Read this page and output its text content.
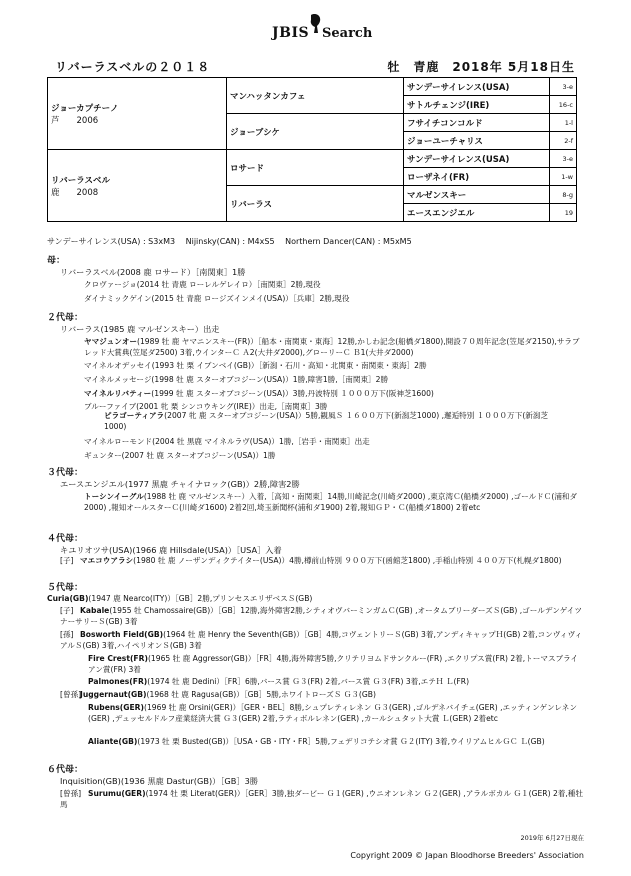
JBIS Search
リバーラスベルの２０１８	牡　青鹿　2018年 5月18日生
ジョーカプチーノ
芦　　2006	マンハッタンカフェ	サンデーサイレンス(USA)	3-e
		サトルチェンジ(IRE)	16-c
	ジョーブシケ	フサイチコンコルド	1-l
		ジョーユーチャリス	2-f
リバーラスベル
鹿　　2008	ロサード	サンデーサイレンス(USA)	3-e
		ローザネイ(FR)	1-w
	リバーラス	マルゼンスキー	8-g
		エースエンジエル	19
サンデーサイレンス(USA) : S3xM3　 Nijinsky(CAN) : M4xS5　 Northern Dancer(CAN) : M5xM5
母：
リバーラスベル(2008 鹿 ロサード）［南関東］1勝
クロヴァージョ(2014 牡 青鹿 ローレルゲレイロ）［南関東］2勝,現役
ダイナミックゲイン(2015 牡 青鹿 ロージズインメイ(USA)）［兵庫］2勝,現役
２代母：
リバーラス(1985 鹿 マルゼンスキー）出走
ヤマジュンオー(1989 牡 鹿 ヤマニンスキー(FR)）［船本・南関東・東海］12勝,かしわ記念(船橋ダ1800),開設７０周年記念(笠尾ダ2150),サラブレッド大賞典(笠尾ダ2500) 3着,ウインターＣ Ａ2(大井ダ2000),グローリーＣ Ｂ1(大井ダ2000)
マイネルオデッセイ(1993 牡 栗 イブンベイ(GB)）［新潟・石川・高知・北関東・南関東・東海］2勝
マイネルメッセージ(1998 牡 鹿 スターオブコジーン(USA)）1勝,障害1勝,［南関東］2勝
マイネルリバティー(1999 牡 鹿 スターオブコジーン(USA)）3勝,丹波特別 １０００万下(阪神芝1600)
ブルーファイブ(2001 牝 栗 シンコウキング(IRE)）出走,［南関東］3勝
ピラゴーティアラ(2007 牝 鹿 スターオブコジーン(USA)）5勝,観風Ｓ １６００万下(新潟芝1000) ,邂逅特別 １０００万下(新潟芝1000)
マイネルローモンド(2004 牡 黒鹿 マイネルラヴ(USA)）1勝,［岩手・南関東］出走
ギュンター(2007 牡 鹿 スターオブコジーン(USA)）1勝
３代母：
エースエンジエル(1977 黒鹿 チャイナロック(GB)）2勝,障害2勝
トーシンイーグル(1988 牡 鹿 マルゼンスキー）入着,［高知・南関東］14勝,川崎記念(川崎ダ2000) ,東京湾Ｃ(船橋ダ2000) ,ゴールドＣ(浦和ダ2000) ,報知オールスターＣ(川崎ダ1600) 2着2回,埼玉新聞杯(浦和ダ1900) 2着,報知ＧＰ・Ｃ(船橋ダ1800) 2着etc
４代母：
キユリオツサ(USA)(1966 鹿 Hillsdale(USA)）［USA］入着
[子] マエコウアラシ(1980 牡 鹿 ノーザンディクテイター(USA)）4勝,樽前山特別 ９００万下(函館芝1800) ,手稲山特別 ４００万下(札幌ダ1800)
５代母：
Curia(GB)(1947 鹿 Nearco(ITY)）［GB］2勝,プリンセスエリザベスＳ(GB)
[子] Kabale(1955 牡 Chamossaire(GB)）［GB］12勝,海外障害2勝,シティオヴバーミンガムＣ(GB) ,オータムブリーダーズＳ(GB) ,ゴールデンゲイツナーサリーＳ(GB) 3着
[孫] Bosworth Field(GB)(1964 牡 鹿 Henry the Seventh(GB)）［GB］4勝,コヴェントリーＳ(GB) 3着,アンディキャップＨ(GB) 2着,コンヴィヴィアルＳ(GB) 3着,ハイペリオンＳ(GB) 3着
Fire Crest(FR)(1965 牡 鹿 Aggressor(GB)）［FR］4勝,海外障害5勝,クリテリヨムドサンクルー(FR) ,エクリプス賞(FR) 2着,トーマスブライアン賞(FR) 3着
Palmones(FR)(1974 牡 鹿 Dedini）［FR］6勝,バース賞 Ｇ３(FR) 2着,バース賞 Ｇ３(FR) 3着,エテＨ Ｌ(FR)
[曾孫]Juggernaut(GB)(1968 牡 鹿 Ragusa(GB)）［GB］5勝,ホワイトローズＳ Ｇ３(GB)
Rubens(GER)(1969 牡 鹿 Orsini(GER)）［GER・BEL］8勝,シュプレティレネン Ｇ３(GER) ,ゴルデネバイチェ(GER) ,エッティンゲンレネン(GER) ,デュッセルドルフ産業経済大賞 Ｇ３(GER) 2着,ラティボルレネン(GER) ,カールシュタット大賞 Ｌ(GER) 2着etc
Aliante(GB)(1973 牡 栗 Busted(GB)）［USA・GB・ITY・FR］5勝,フェデリコテシオ賞 Ｇ２(ITY) 3着,ウイリアムヒルＧＣ Ｌ(GB)
６代母：
Inquisition(GB)(1936 黒鹿 Dastur(GB)）［GB］3勝
[曾孫] Surumu(GER)(1974 牡 栗 Literat(GER)）［GER］3勝,独ダービー Ｇ１(GER) ,ウニオンレネン Ｇ２(GER) ,アラルボカル Ｇ１(GER) 2着,種牡馬
2019年 6月27日現在
Copyright 2009 © Japan Bloodhorse Breeders' Association
